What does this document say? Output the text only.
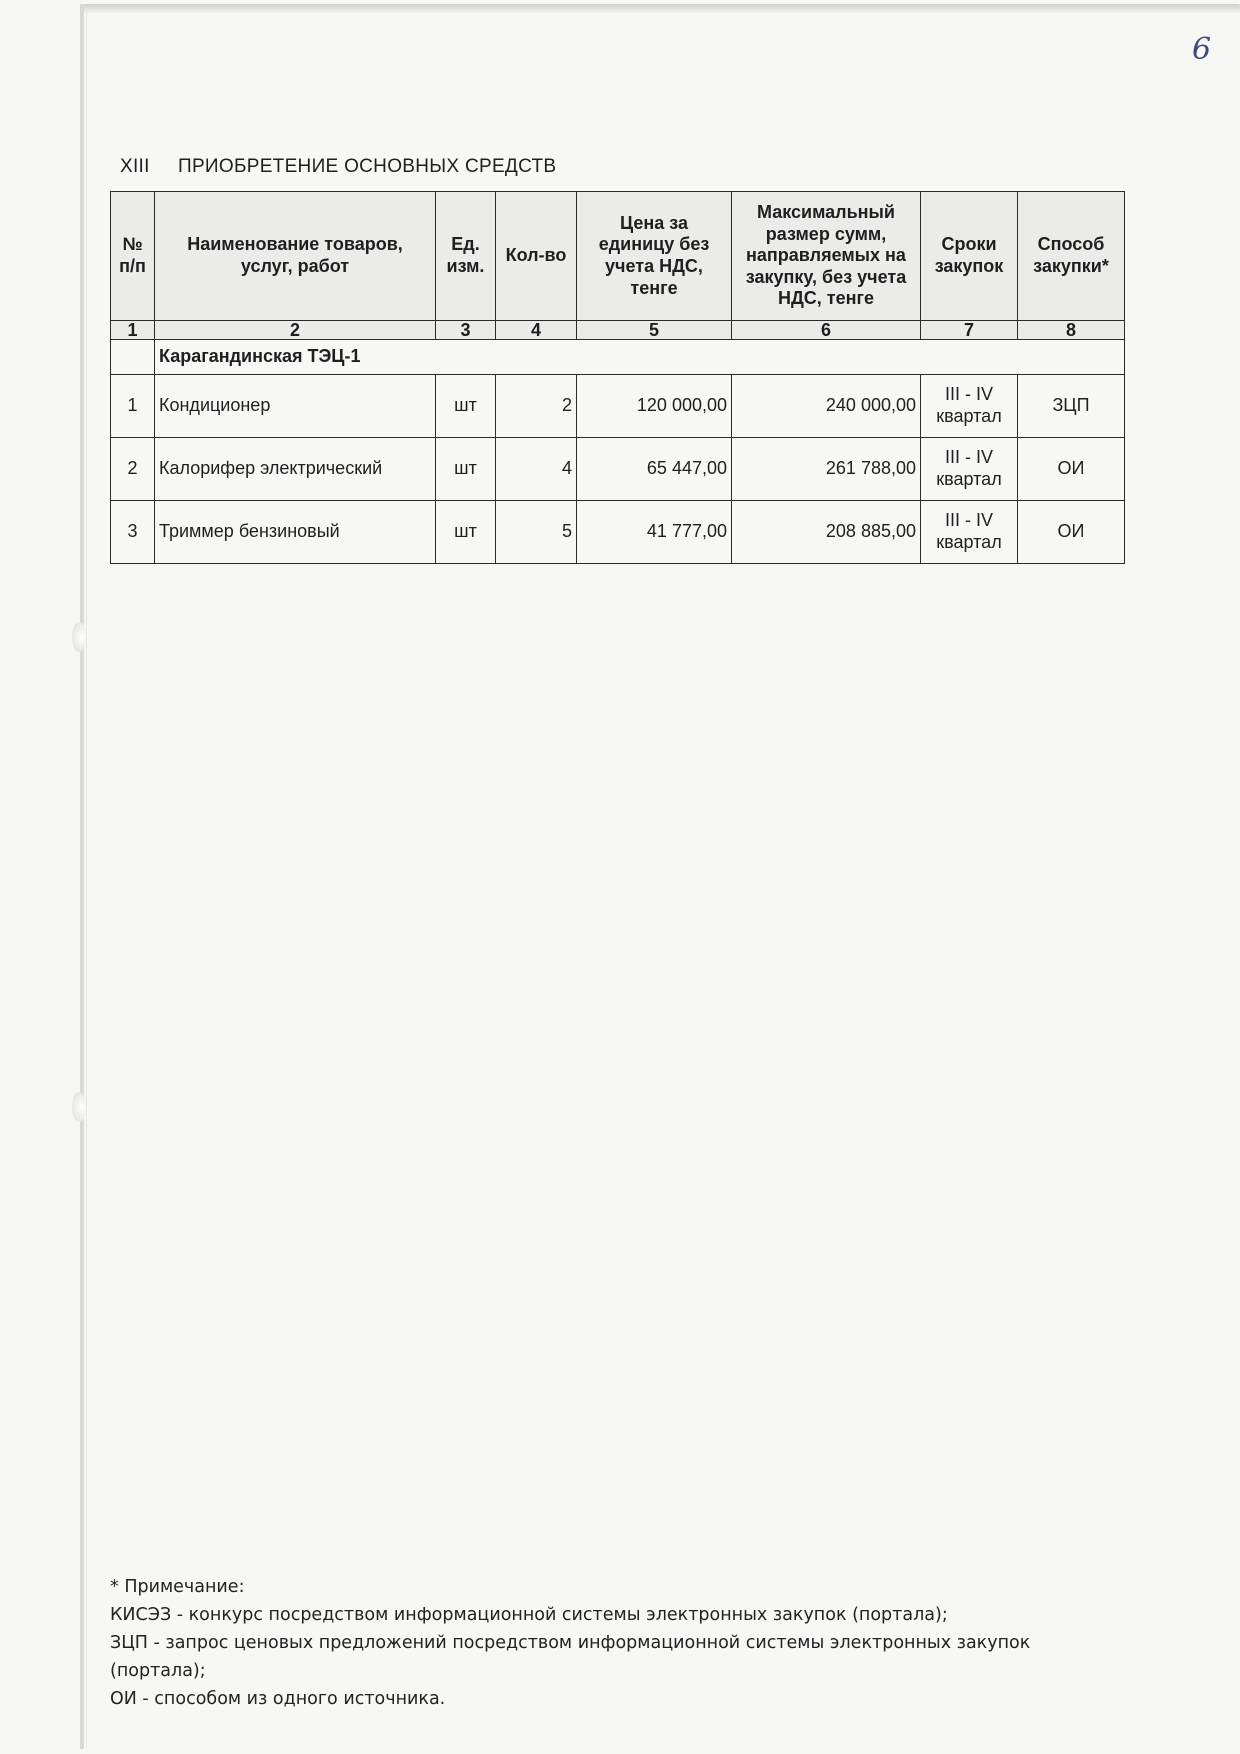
6
XIII ПРИОБРЕТЕНИЕ ОСНОВНЫХ СРЕДСТВ
№ п/п	Наименование товаров, услуг, работ	Ед. изм.	Кол-во	Цена за единицу без учета НДС, тенге	Максимальный размер сумм, направляемых на закупку, без учета НДС, тенге	Сроки закупок	Способ закупки*
1	2	3	4	5	6	7	8
	Карагандинская ТЭЦ-1						
1	Кондиционер	шт	2	120 000,00	240 000,00	III - IV квартал	ЗЦП
2	Калорифер электрический	шт	4	65 447,00	261 788,00	III - IV квартал	ОИ
3	Триммер бензиновый	шт	5	41 777,00	208 885,00	III - IV квартал	ОИ

* Примечание:

КИСЭЗ - конкурс посредством информационной системы электронных закупок (портала);

ЗЦП - запрос ценовых предложений посредством информационной системы электронных закупок (портала);

ОИ - способом из одного источника.
